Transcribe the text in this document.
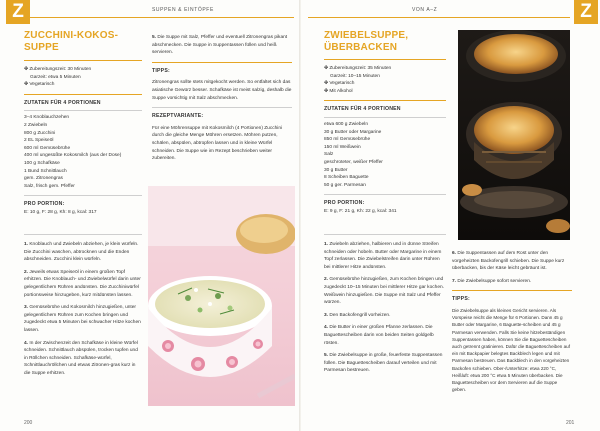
Z	SUPPEN & EINTÖPFE
ZUCCHINI-KOKOS-SUPPE
✤ Zubereitungszeit: 30 Minuten
Garzeit: etwa 5 Minuten
✤ Vegetarisch
ZUTATEN FÜR 4 PORTIONEN
3–4 Knoblauchzehen
2 Zwiebeln
800 g Zucchini
2 EL Speiseöl
600 ml Gemüsebrühe
400 ml ungesüßte Kokosmilch (aus der Dose)
100 g Schafkäse
1 Bund Schnittlauch
gem. Zitronengras
Salz, frisch gem. Pfeffer
PRO PORTION:
E: 10 g, F: 28 g, Kh: 8 g, kcal: 317
1. Knoblauch und Zwiebeln abziehen, je klein würfeln. Die Zucchini waschen, abtrocknen und die Enden abschneiden. Zucchini klein würfeln.
2. Jeweils etwas Speiseöl in einem großen Topf erhitzen. Die Knoblauch- und Zwiebelwürfel darin unter gelegentlichem Rühren andünsten. Die Zucchiniwürfel portionsweise hinzugeben, kurz mitdünsten lassen.
3. Gemüsebrühe und Kokosmilch hinzugießen, unter gelegentlichem Rühren zum Kochen bringen und zugedeckt etwa 5 Minuten bei schwacher Hitze kochen lassen.
4. In der Zwischenzeit den Schafkäse in kleine Würfel schneiden. Schnittlauch abspülen, trocken tupfen und in Röllchen schneiden. Schafkäse-würfel, Schnittlauchröllchen und etwas Zitronen-gras kurz in die Suppe erhitzen.
5. Die Suppe mit Salz, Pfeffer und eventuell Zitronengras pikant abschmecken. Die Suppe in Suppentassen füllen und heiß servieren.
TIPPS:
Zitronengras sollte stets mitgekocht werden. So entfaltet sich das asiatische Gewürz besser. Schafkäse ist meist salzig, deshalb die Suppe vorsichtig mit Salz abschmecken.
REZEPTVARIANTE:
Für eine Möhrensuppe mit Kokosmilch (4 Portionen) Zucchini durch die gleiche Menge Möhren ersetzen. Möhren putzen, schälen, abspülen, abtropfen lassen und in kleine Würfel schneiden. Die Suppe wie im Rezept beschrieben weiter zubereiten.
200
Z
VON A–Z
ZWIEBELSUPPE,
ÜBERBACKEN
✤ Zubereitungszeit: 35 Minuten
Garzeit: 10–15 Minuten
✤ Vegetarisch
✤ Mit Alkohol
ZUTATEN FÜR 4 PORTIONEN
etwa 600 g Zwiebeln
30 g Butter oder Margarine
850 ml Gemüsebrühe
150 ml Weißwein
Salz
geschroteter, weißer Pfeffer
30 g Butter
8 Scheiben Baguette
50 g ger. Parmesan
PRO PORTION:
E: 9 g, F: 21 g, Kh: 22 g, kcal: 341
1. Zwiebeln abziehen, halbieren und in dünne Streifen schneiden oder hobeln. Butter oder Margarine in einem Topf zerlassen. Die Zwiebelstreifen darin unter Rühren bei mittlerer Hitze andünsten.
2. Gemüsebrühe hinzugießen, zum Kochen bringen und zugedeckt 10–15 Minuten bei mittlerer Hitze gar kochen. Weißwein hinzugießen. Die Suppe mit Salz und Pfeffer würzen.
3. Den Backofengrill vorheizen.
4. Die Butter in einer großen Pfanne zerlassen. Die Baguettescheiben darin von beiden Seiten goldgelb rösten.
5. Die Zwiebelsuppe in große, feuerfeste Suppentassen füllen. Die Baguettescheiben darauf verteilen und mit Parmesan bestreuen.
6. Die Suppentassen auf dem Rost unter den vorgeheizten Backofengrill schieben. Die Suppe kurz überbacken, bis der Käse leicht gebräunt ist.
7. Die Zwiebelsuppe sofort servieren.
TIPPS:
Die Zwiebelsuppe als kleines Gericht servieren. Als Vorspeise reicht die Menge für 6 Portionen. Dann 45 g Butter oder Margarine, 6 Baguette-scheiben und 45 g Parmesan verwenden. Falls Sie keine hitzebeständigen Suppentassen haben, können Sie die Baguettescheiben auch getrennt gratinieren. Dafür die Baguettescheiben auf ein mit Backpapier belegtes Backblech legen und mit Parmesan bestreuen. Das Backblech in den vorgeheizten Backofen schieben. Ober-/Unterhitze: etwa 220 °C, Heißluft: etwa 200 °C etwa 5 Minuten überbacken. Die Baguettescheiben vor dem Servieren auf die Suppe geben.
201
